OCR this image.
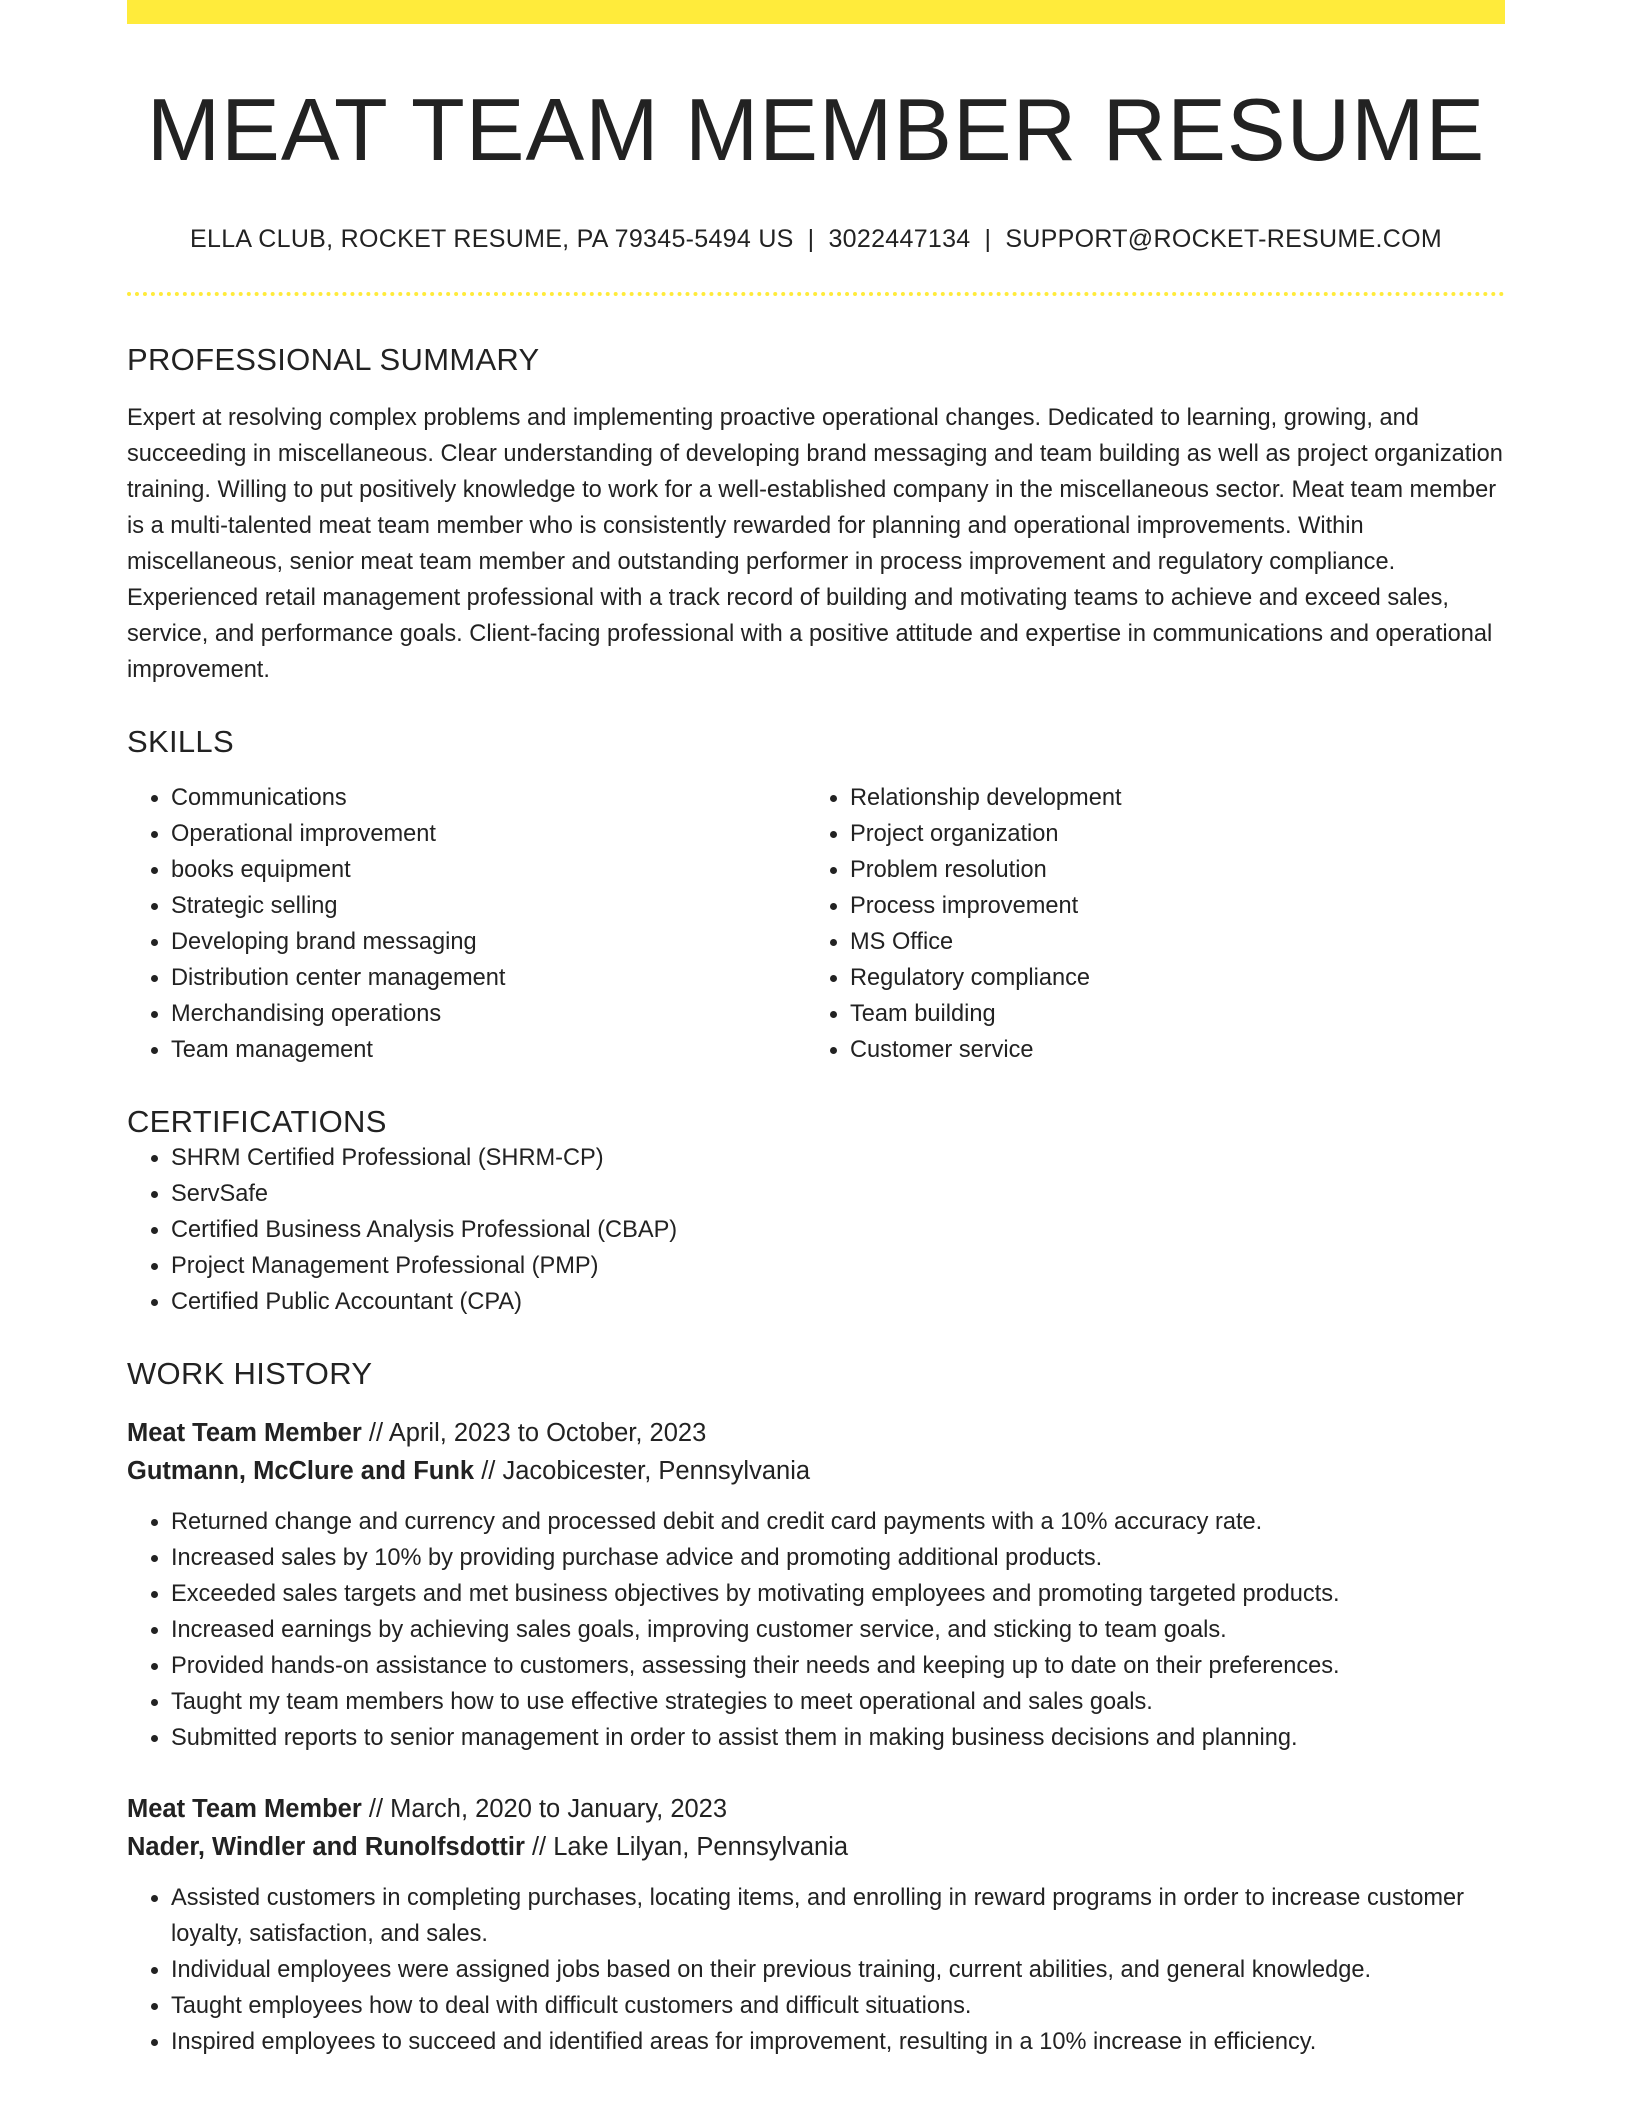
MEAT TEAM MEMBER RESUME
ELLA CLUB, ROCKET RESUME, PA 79345-5494 US | 3022447134 | SUPPORT@ROCKET-RESUME.COM
PROFESSIONAL SUMMARY

Expert at resolving complex problems and implementing proactive operational changes. Dedicated to learning, growing, and succeeding in miscellaneous. Clear understanding of developing brand messaging and team building as well as project organization training. Willing to put positively knowledge to work for a well-established company in the miscellaneous sector. Meat team member is a multi-talented meat team member who is consistently rewarded for planning and operational improvements. Within miscellaneous, senior meat team member and outstanding performer in process improvement and regulatory compliance. Experienced retail management professional with a track record of building and motivating teams to achieve and exceed sales, service, and performance goals. Client-facing professional with a positive attitude and expertise in communications and operational improvement.

SKILLS
• Communications
• Operational improvement
• books equipment
• Strategic selling
• Developing brand messaging
• Distribution center management
• Merchandising operations
• Team management
• Relationship development
• Project organization
• Problem resolution
• Process improvement
• MS Office
• Regulatory compliance
• Team building
• Customer service
CERTIFICATIONS
• SHRM Certified Professional (SHRM-CP)
• ServSafe
• Certified Business Analysis Professional (CBAP)
• Project Management Professional (PMP)
• Certified Public Accountant (CPA)
WORK HISTORY
Meat Team Member // April, 2023 to October, 2023
Gutmann, McClure and Funk // Jacobicester, Pennsylvania
• Returned change and currency and processed debit and credit card payments with a 10% accuracy rate.
• Increased sales by 10% by providing purchase advice and promoting additional products.
• Exceeded sales targets and met business objectives by motivating employees and promoting targeted products.
• Increased earnings by achieving sales goals, improving customer service, and sticking to team goals.
• Provided hands-on assistance to customers, assessing their needs and keeping up to date on their preferences.
• Taught my team members how to use effective strategies to meet operational and sales goals.
• Submitted reports to senior management in order to assist them in making business decisions and planning.
Meat Team Member // March, 2020 to January, 2023
Nader, Windler and Runolfsdottir // Lake Lilyan, Pennsylvania
• Assisted customers in completing purchases, locating items, and enrolling in reward programs in order to increase customer loyalty, satisfaction, and sales.
• Individual employees were assigned jobs based on their previous training, current abilities, and general knowledge.
• Taught employees how to deal with difficult customers and difficult situations.
• Inspired employees to succeed and identified areas for improvement, resulting in a 10% increase in efficiency.
